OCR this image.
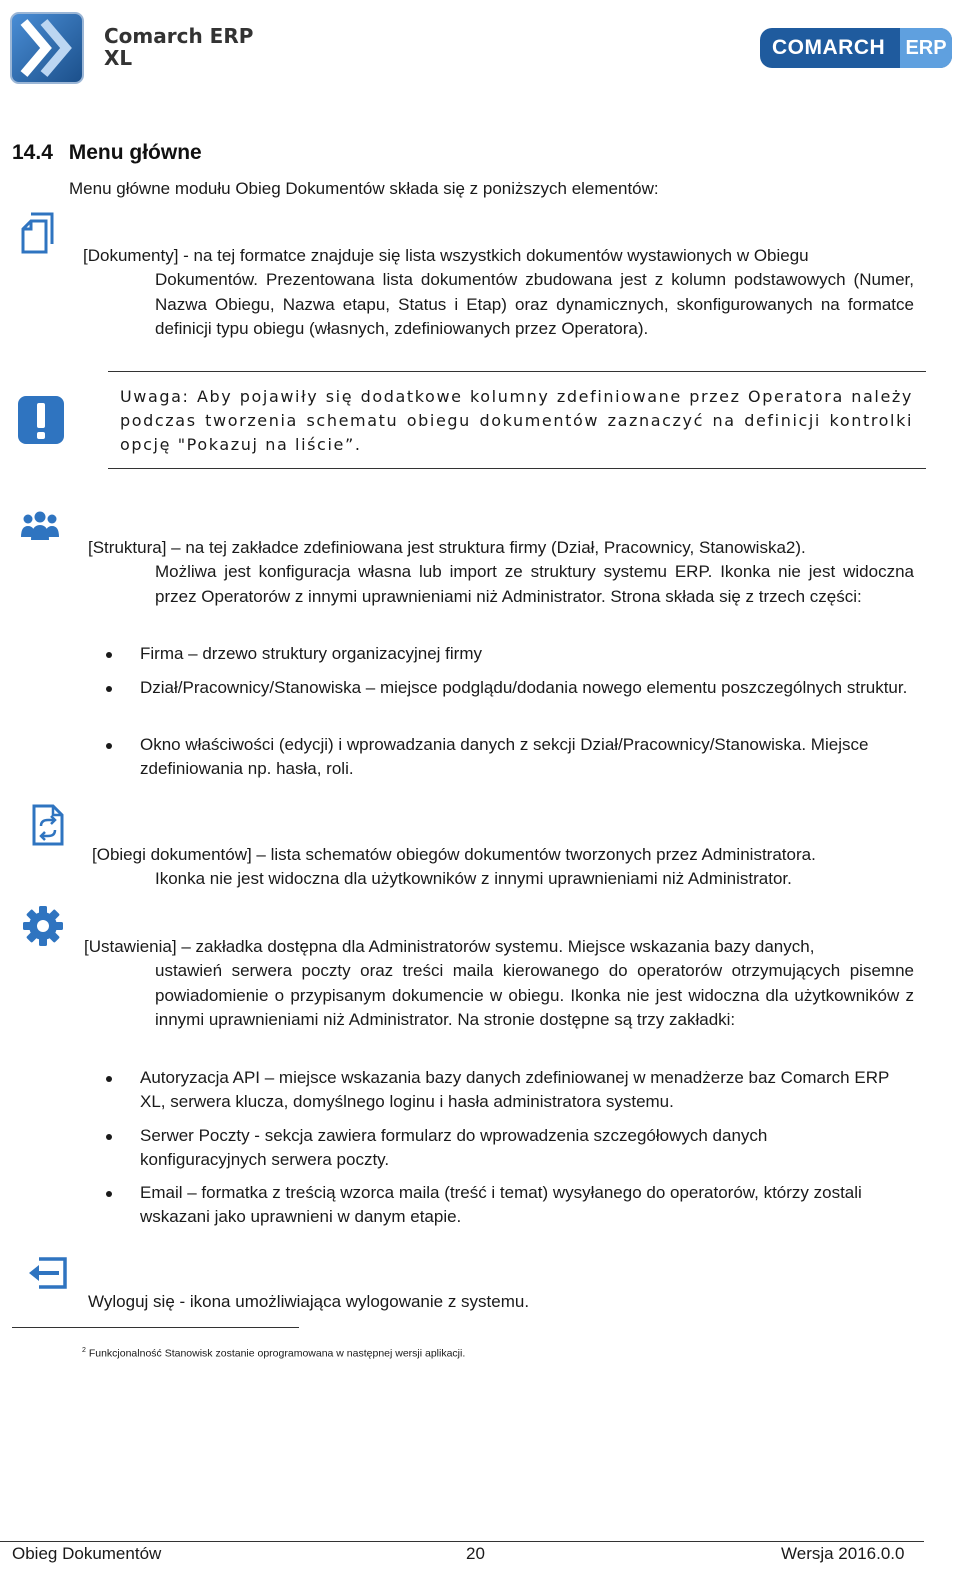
Comarch ERP
XL	COMARCH ERP
14.4 Menu główne
Menu główne modułu Obieg Dokumentów składa się z poniższych elementów:
[Dokumenty] - na tej formatce znajduje się lista wszystkich dokumentów wystawionych w Obiegu
Dokumentów. Prezentowana lista dokumentów zbudowana jest z kolumn podstawowych (Numer, Nazwa Obiegu, Nazwa etapu, Status i Etap) oraz dynamicznych, skonfigurowanych na formatce definicji typu obiegu (własnych, zdefiniowanych przez Operatora).
Uwaga: Aby pojawiły się dodatkowe kolumny zdefiniowane przez Operatora należy podczas tworzenia schematu obiegu dokumentów zaznaczyć na definicji kontrolki opcję "Pokazuj na liście”.
[Struktura] – na tej zakładce zdefiniowana jest struktura firmy (Dział, Pracownicy, Stanowiska2).
Możliwa jest konfiguracja własna lub import ze struktury systemu ERP. Ikonka nie jest widoczna przez Operatorów z innymi uprawnieniami niż Administrator. Strona składa się z trzech części:
Firma – drzewo struktury organizacyjnej firmy
Dział/Pracownicy/Stanowiska – miejsce podglądu/dodania nowego elementu poszczególnych struktur.
Okno właściwości (edycji) i wprowadzania danych z sekcji Dział/Pracownicy/Stanowiska. Miejsce zdefiniowania np. hasła, roli.
[Obiegi dokumentów] – lista schematów obiegów dokumentów tworzonych przez Administratora.
Ikonka nie jest widoczna dla użytkowników z innymi uprawnieniami niż Administrator.
[Ustawienia] – zakładka dostępna dla Administratorów systemu. Miejsce wskazania bazy danych,
ustawień serwera poczty oraz treści maila kierowanego do operatorów otrzymujących pisemne powiadomienie o przypisanym dokumencie w obiegu. Ikonka nie jest widoczna dla użytkowników z innymi uprawnieniami niż Administrator. Na stronie dostępne są trzy zakładki:
Autoryzacja API – miejsce wskazania bazy danych zdefiniowanej w menadżerze baz Comarch ERP XL, serwera klucza, domyślnego loginu i hasła administratora systemu.
Serwer Poczty - sekcja zawiera formularz do wprowadzenia szczegółowych danych konfiguracyjnych serwera poczty.
Email – formatka z treścią wzorca maila (treść i temat) wysyłanego do operatorów, którzy zostali wskazani jako uprawnieni w danym etapie.
Wyloguj się - ikona umożliwiająca wylogowanie z systemu.
$^2$ Funkcjonalność Stanowisk zostanie oprogramowana w następnej wersji aplikacji.
Obieg Dokumentów	20	Wersja 2016.0.0
